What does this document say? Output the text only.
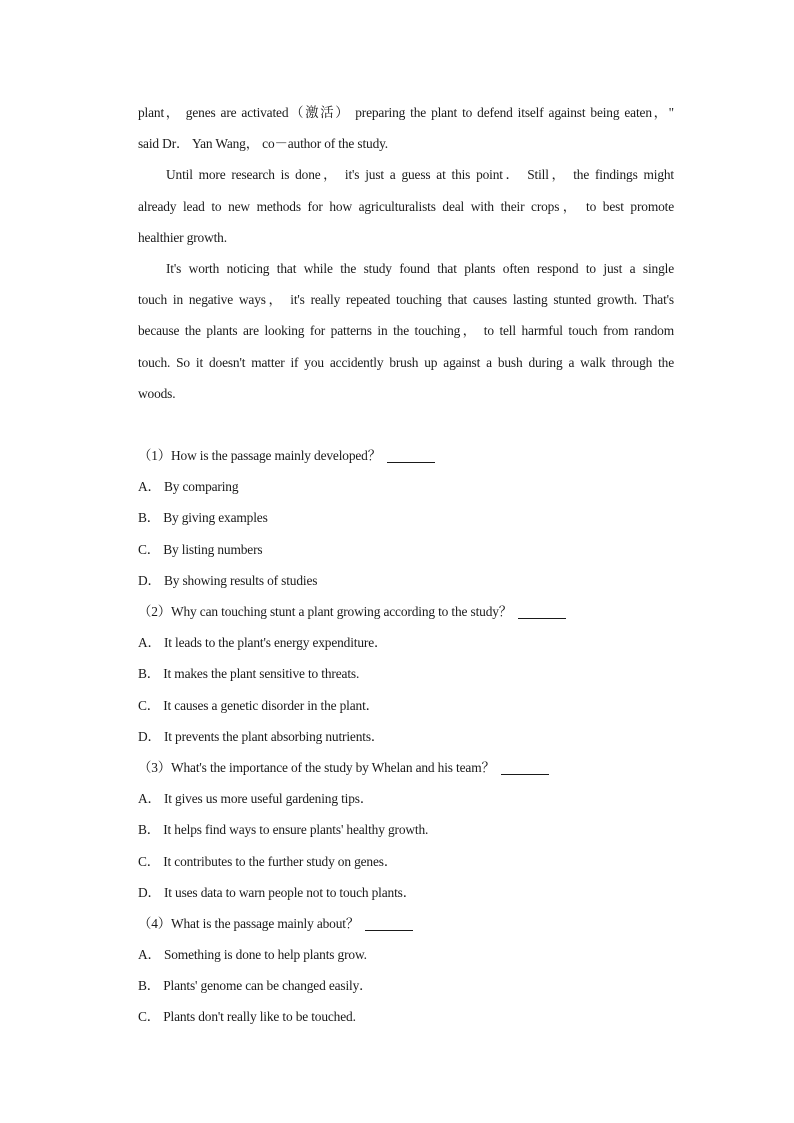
plant， genes are activated（激活） preparing the plant to defend itself against being eaten，"
said Dr． Yan Wang， co－author of the study.
Until more research is done， it's just a guess at this point． Still， the findings might
already lead to new methods for how agriculturalists deal with their crops， to best promote
healthier growth.
It's worth noticing that while the study found that plants often respond to just a single
touch in negative ways， it's really repeated touching that causes lasting stunted growth. That's
because the plants are looking for patterns in the touching， to tell harmful touch from random
touch. So it doesn't matter if you accidently brush up against a bush during a walk through the
woods.
（1）How is the passage mainly developed？
A． By comparing
B． By giving examples
C． By listing numbers
D． By showing results of studies
（2）Why can touching stunt a plant growing according to the study？
A． It leads to the plant's energy expenditure．
B． It makes the plant sensitive to threats.
C． It causes a genetic disorder in the plant．
D． It prevents the plant absorbing nutrients．
（3）What's the importance of the study by Whelan and his team？
A． It gives us more useful gardening tips．
B． It helps find ways to ensure plants' healthy growth.
C． It contributes to the further study on genes．
D． It uses data to warn people not to touch plants．
（4）What is the passage mainly about？
A． Something is done to help plants grow.
B． Plants' genome can be changed easily．
C． Plants don't really like to be touched.
